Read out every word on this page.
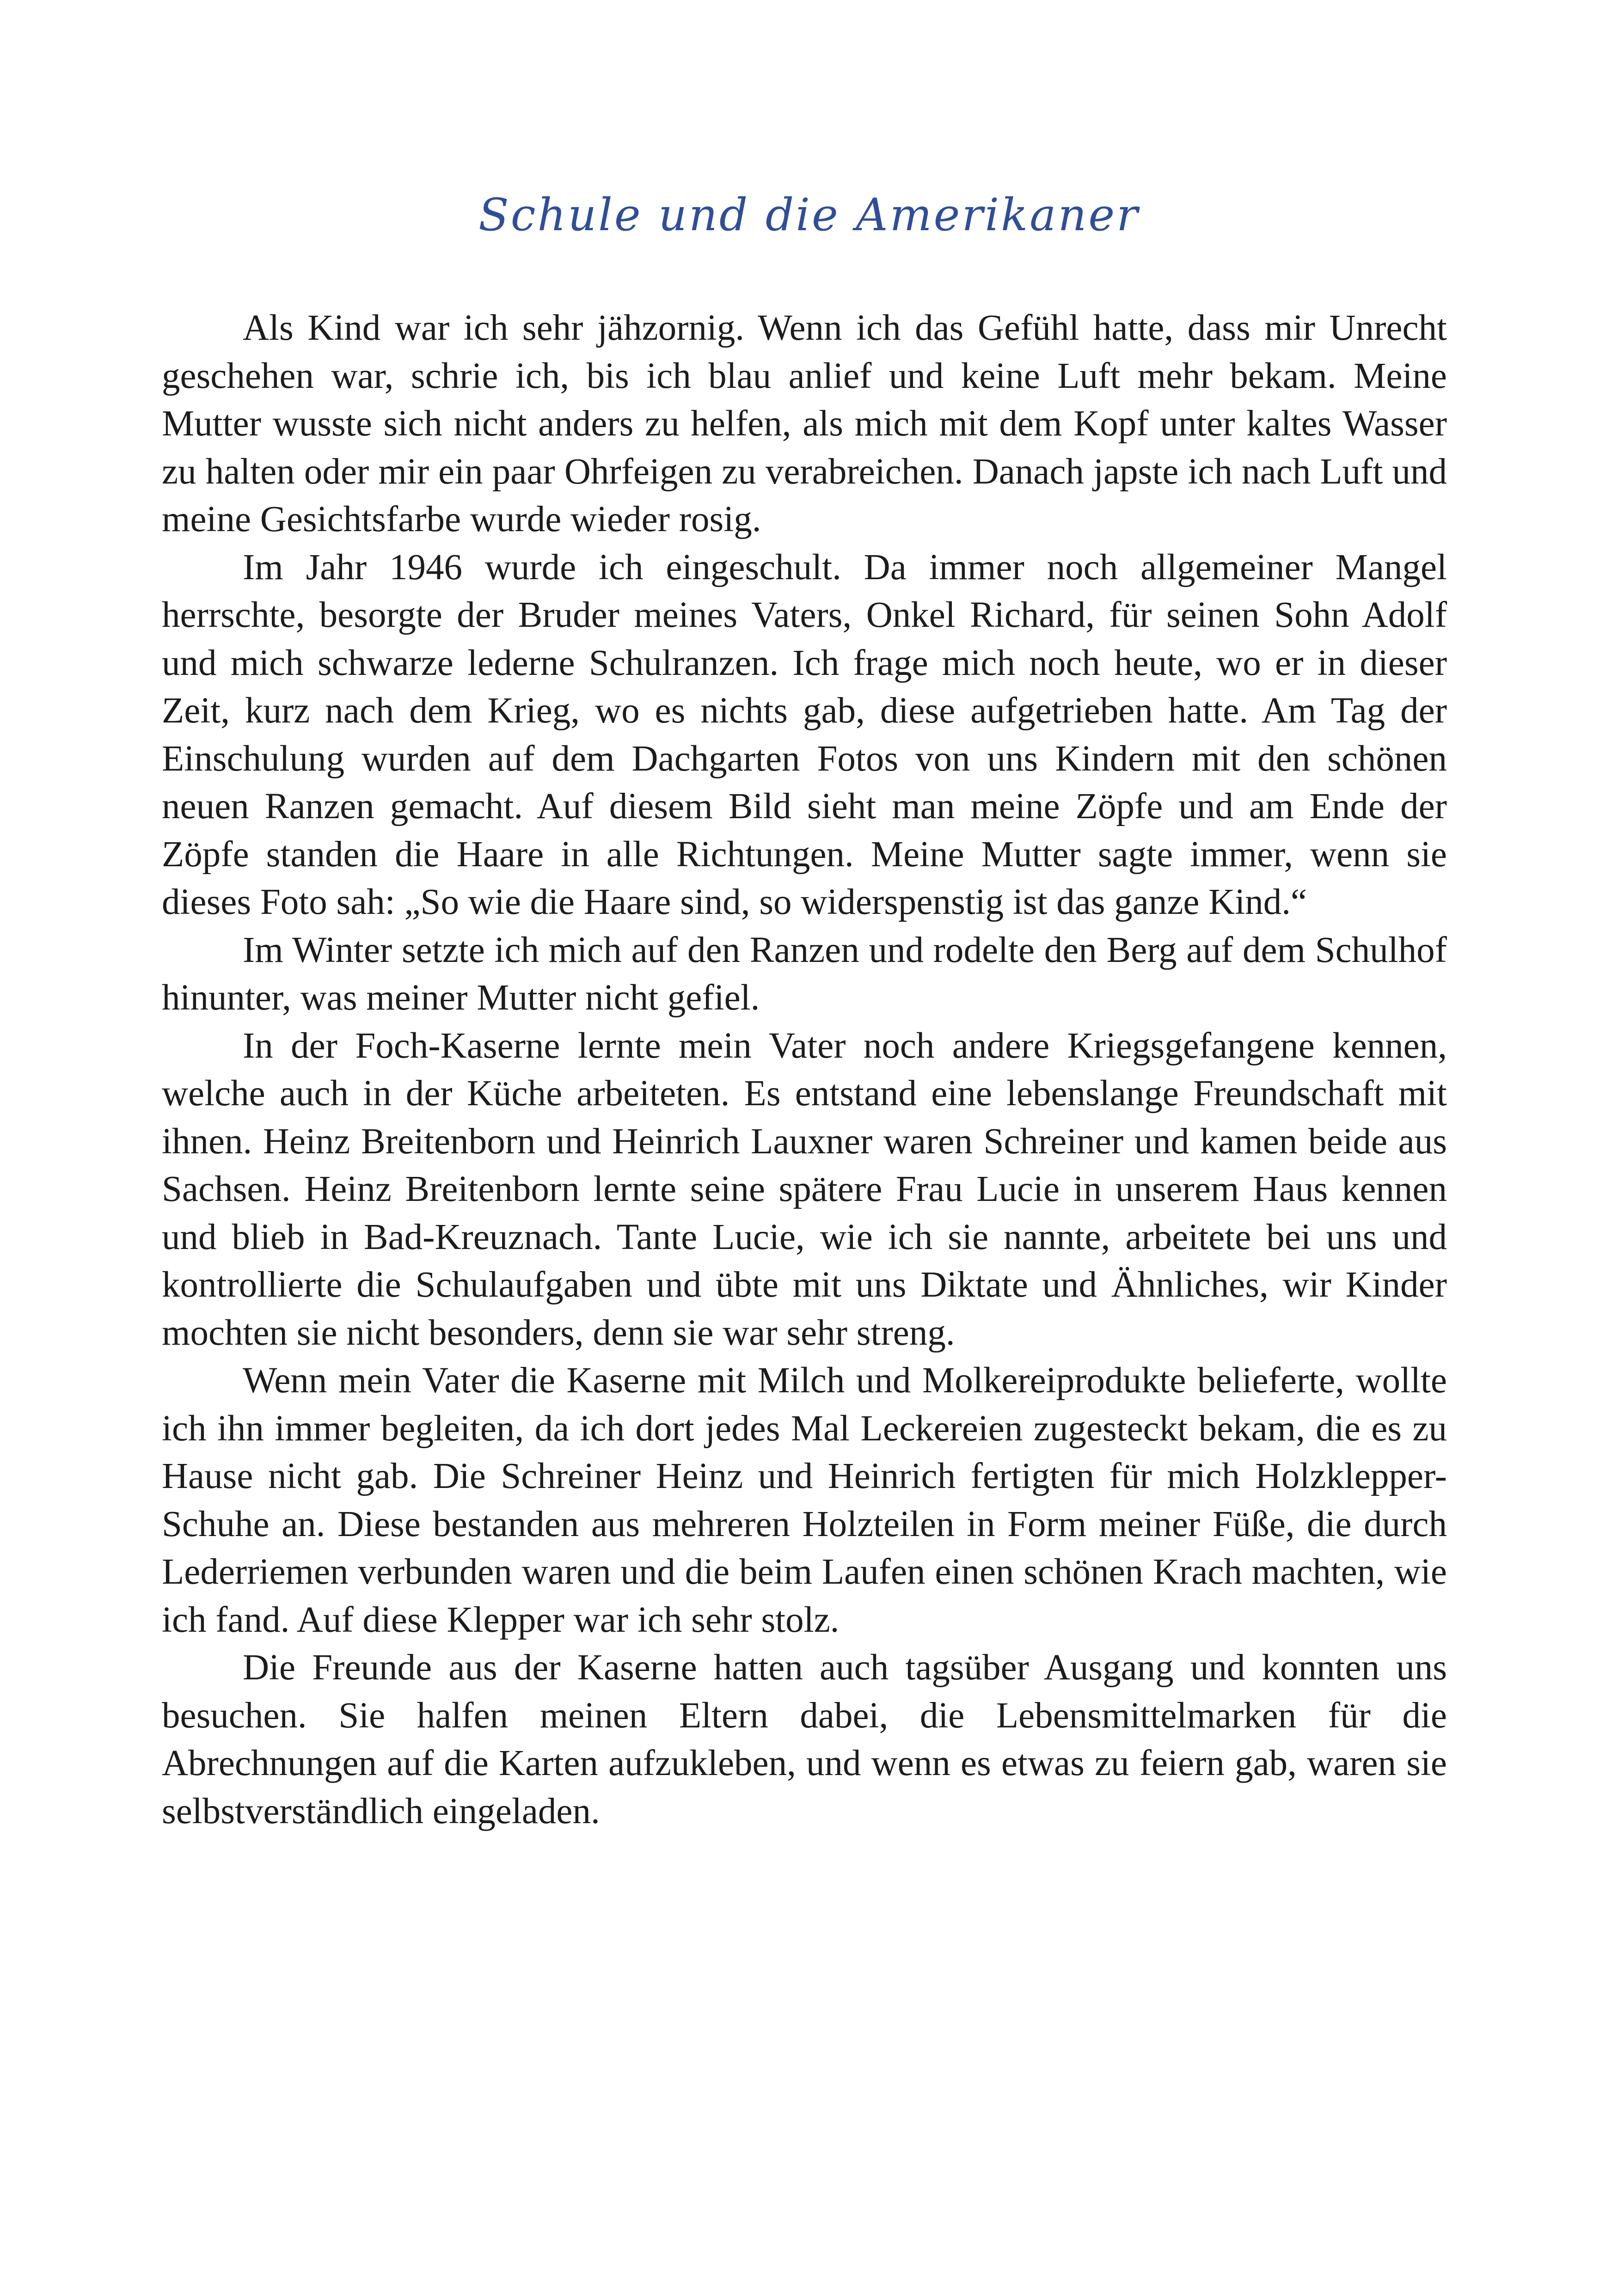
Schule und die Amerikaner

Als Kind war ich sehr jähzornig. Wenn ich das Gefühl hatte, dass mir Unrecht geschehen war, schrie ich, bis ich blau anlief und keine Luft mehr bekam. Meine Mutter wusste sich nicht anders zu helfen, als mich mit dem Kopf unter kaltes Wasser zu halten oder mir ein paar Ohrfeigen zu verabreichen. Danach japste ich nach Luft und meine Gesichtsfarbe wurde wieder rosig.

Im Jahr 1946 wurde ich eingeschult. Da immer noch allgemeiner Mangel herrschte, besorgte der Bruder meines Vaters, Onkel Richard, für seinen Sohn Adolf und mich schwarze lederne Schulranzen. Ich frage mich noch heute, wo er in dieser Zeit, kurz nach dem Krieg, wo es nichts gab, diese aufgetrieben hatte. Am Tag der Einschulung wurden auf dem Dachgarten Fotos von uns Kindern mit den schönen neuen Ranzen gemacht. Auf diesem Bild sieht man meine Zöpfe und am Ende der Zöpfe standen die Haare in alle Richtungen. Meine Mutter sagte immer, wenn sie dieses Foto sah: „So wie die Haare sind, so widerspenstig ist das ganze Kind.“

Im Winter setzte ich mich auf den Ranzen und rodelte den Berg auf dem Schulhof hinunter, was meiner Mutter nicht gefiel.

In der Foch-Kaserne lernte mein Vater noch andere Kriegsgefangene kennen, welche auch in der Küche arbeiteten. Es entstand eine lebenslange Freundschaft mit ihnen. Heinz Breitenborn und Heinrich Lauxner waren Schreiner und kamen beide aus Sachsen. Heinz Breitenborn lernte seine spätere Frau Lucie in unserem Haus kennen und blieb in Bad-Kreuznach. Tante Lucie, wie ich sie nannte, arbeitete bei uns und kontrollierte die Schulaufgaben und übte mit uns Diktate und Ähnliches, wir Kinder mochten sie nicht besonders, denn sie war sehr streng.

Wenn mein Vater die Kaserne mit Milch und Molkereiprodukte belieferte, wollte ich ihn immer begleiten, da ich dort jedes Mal Leckereien zugesteckt bekam, die es zu Hause nicht gab. Die Schreiner Heinz und Heinrich fertigten für mich Holzklepper-Schuhe an. Diese bestanden aus mehreren Holzteilen in Form meiner Füße, die durch Lederriemen verbunden waren und die beim Laufen einen schönen Krach machten, wie ich fand. Auf diese Klepper war ich sehr stolz.

Die Freunde aus der Kaserne hatten auch tagsüber Ausgang und konnten uns besuchen. Sie halfen meinen Eltern dabei, die Lebensmittelmarken für die Abrechnungen auf die Karten aufzukleben, und wenn es etwas zu feiern gab, waren sie selbstverständlich eingeladen.
